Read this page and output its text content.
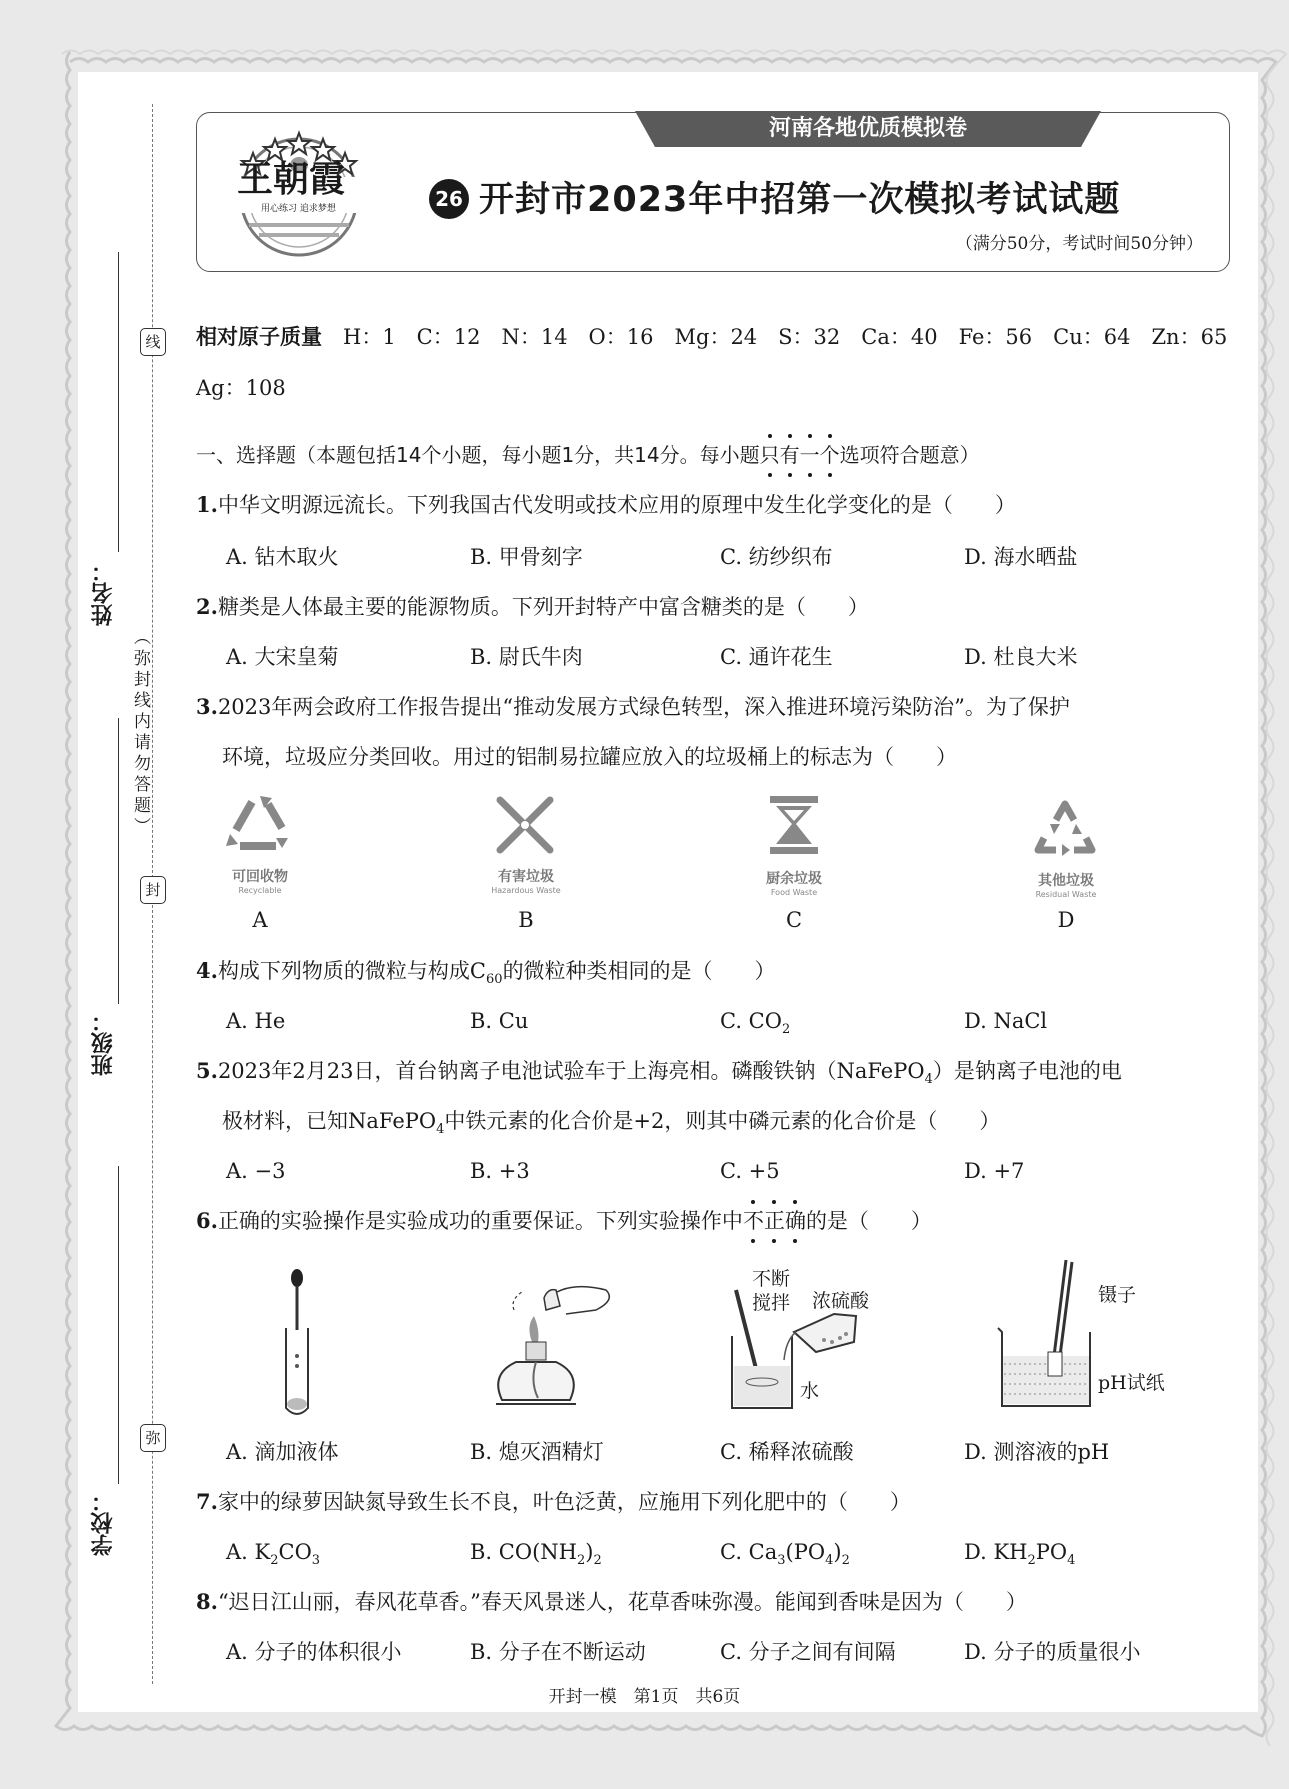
线
封
弥
（弥封线内请勿答题）
姓名：
班级：
学校：
河南各地优质模拟卷
王朝霞
用心练习 追求梦想	26 开封市2023年中招第一次模拟考试试题
（满分50分，考试时间50分钟）
相对原子质量　 H：1　C：12　N：14　O：16　Mg：24　S：32　Ca：40　Fe：56　Cu：64　Zn：65
Ag：108
一、选择题（本题包括14个小题，每小题1分，共14分。每小题只
有
一
个
选项符合题意）
1.中华文明源远流长。下列我国古代发明或技术应用的原理中发生化学变化的是（　　）
A. 钻木取火	B. 甲骨刻字	C. 纺纱织布	D. 海水晒盐
2.糖类是人体最主要的能源物质。下列开封特产中富含糖类的是（　　）
A. 大宋皇菊	B. 尉氏牛肉	C. 通许花生	D. 杜良大米
3.2023年两会政府工作报告提出“推动发展方式绿色转型，深入推进环境污染防治”。为了保护
环境，垃圾应分类回收。用过的铝制易拉罐应放入的垃圾桶上的标志为（　　）
可回收物
Recyclable
A
有害垃圾
Hazardous Waste
B
厨余垃圾
Food Waste
C
其他垃圾
Residual Waste
D
4.构成下列物质的微粒与构成$C_{60}$的微粒种类相同的是（　　）
A. He	B. Cu	C. $CO_2$	D. NaCl
5.2023年2月23日，首台钠离子电池试验车于上海亮相。磷酸铁钠（NaFePO$_4$）是钠离子电池的电
极材料，已知NaFePO$_4$中铁元素的化合价是+2，则其中磷元素的化合价是（　　）
A. −3	B. +3	C. +5	D. +7
6.正确的实验操作是实验成功的重要保证。下列实验操作中不
正
确
的是（　　）
不断
搅拌 浓硫酸
水
镊子
pH试纸
A. 滴加液体	B. 熄灭酒精灯	C. 稀释浓硫酸	D. 测溶液的pH
7.家中的绿萝因缺氮导致生长不良，叶色泛黄，应施用下列化肥中的（　　）
A. $K_2CO_3$	B. $CO(NH_2)_2$	C. $Ca_3(PO_4)_2$	D. $KH_2PO_4$
8.“迟日江山丽，春风花草香。”春天风景迷人，花草香味弥漫。能闻到香味是因为（　　）
A. 分子的体积很小	B. 分子在不断运动	C. 分子之间有间隔	D. 分子的质量很小
开封一模　第1页　共6页
